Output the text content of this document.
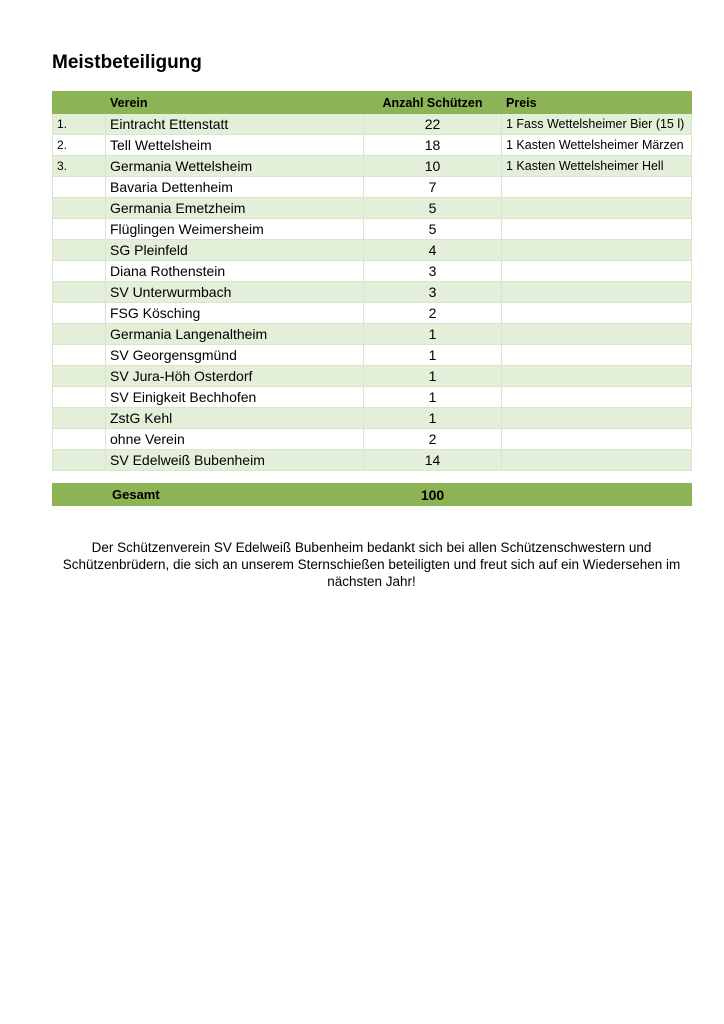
Meistbeteiligung
	Verein	Anzahl Schützen	Preis
1.	Eintracht Ettenstatt	22	1 Fass Wettelsheimer Bier (15 l)
2.	Tell Wettelsheim	18	1 Kasten Wettelsheimer Märzen
3.	Germania Wettelsheim	10	1 Kasten Wettelsheimer Hell
	Bavaria Dettenheim	7	
	Germania Emetzheim	5	
	Flüglingen Weimersheim	5	
	SG Pleinfeld	4	
	Diana Rothenstein	3	
	SV Unterwurmbach	3	
	FSG Kösching	2	
	Germania Langenaltheim	1	
	SV Georgensgmünd	1	
	SV Jura-Höh Osterdorf	1	
	SV Einigkeit Bechhofen	1	
	ZstG Kehl	1	
	ohne Verein	2	
	SV Edelweiß Bubenheim	14	
	Gesamt	100	

Der Schützenverein SV Edelweiß Bubenheim bedankt sich bei allen Schützenschwestern und Schützenbrüdern, die sich an unserem Sternschießen beteiligten und freut sich auf ein Wiedersehen im nächsten Jahr!
